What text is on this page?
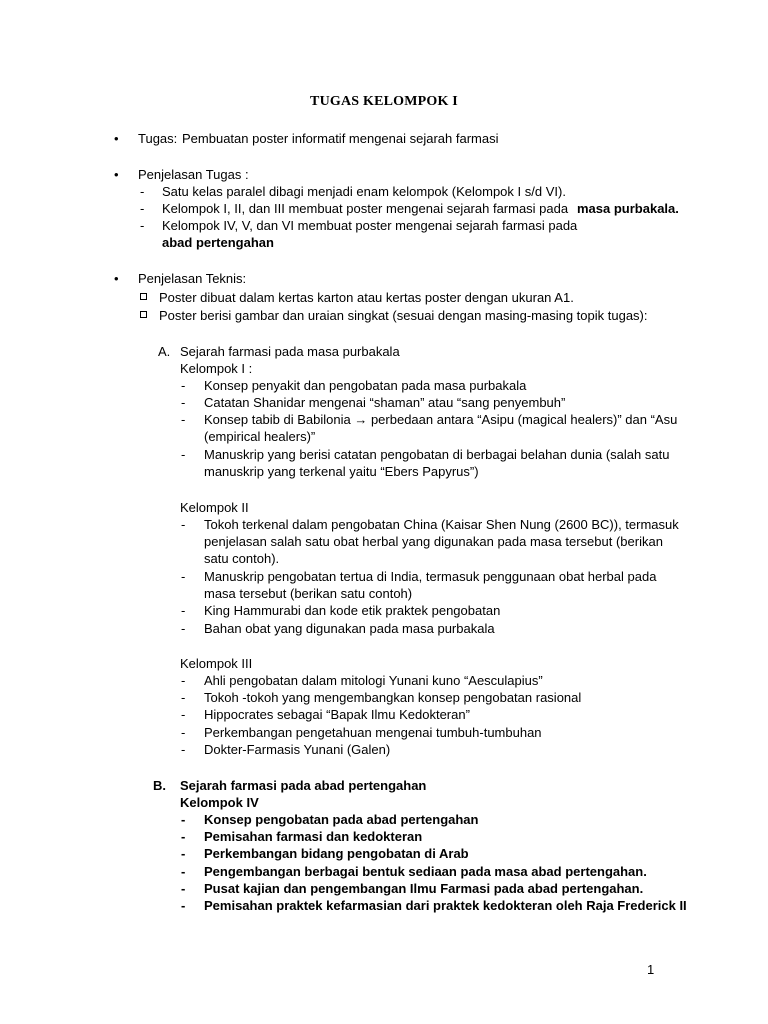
TUGAS KELOMPOK I
•	Tugas: Pembuatan poster informatif mengenai sejarah farmasi
•	Penjelasan Tugas :
-	Satu kelas paralel dibagi menjadi enam kelompok (Kelompok I s/d VI).
-	Kelompok I, II, dan III membuat poster mengenai sejarah farmasi pada masa purbakala.
-	Kelompok IV, V, dan VI membuat poster mengenai sejarah farmasi pada
abad pertengahan
•	Penjelasan Teknis:
Poster dibuat dalam kertas karton atau kertas poster dengan ukuran A1.
Poster berisi gambar dan uraian singkat (sesuai dengan masing-masing topik tugas):
A. Sejarah farmasi pada masa purbakala
Kelompok I :
-	Konsep penyakit dan pengobatan pada masa purbakala
-	Catatan Shanidar mengenai “shaman” atau “sang penyembuh”
-	Konsep tabib di Babilonia → perbedaan antara “Asipu (magical healers)” dan “Asu
(empirical healers)”
-	Manuskrip yang berisi catatan pengobatan di berbagai belahan dunia (salah satu
manuskrip yang terkenal yaitu “Ebers Papyrus”)
Kelompok II
-	Tokoh terkenal dalam pengobatan China (Kaisar Shen Nung (2600 BC)), termasuk
penjelasan salah satu obat herbal yang digunakan pada masa tersebut (berikan
satu contoh).
-	Manuskrip pengobatan tertua di India, termasuk penggunaan obat herbal pada
masa tersebut (berikan satu contoh)
-	King Hammurabi dan kode etik praktek pengobatan
-	Bahan obat yang digunakan pada masa purbakala
Kelompok III
-	Ahli pengobatan dalam mitologi Yunani kuno “Aesculapius”
-	Tokoh -tokoh yang mengembangkan konsep pengobatan rasional
-	Hippocrates sebagai “Bapak Ilmu Kedokteran”
-	Perkembangan pengetahuan mengenai tumbuh-tumbuhan
-	Dokter-Farmasis Yunani (Galen)
B. Sejarah farmasi pada abad pertengahan
Kelompok IV
-	Konsep pengobatan pada abad pertengahan
-	Pemisahan farmasi dan kedokteran
-	Perkembangan bidang pengobatan di Arab
-	Pengembangan berbagai bentuk sediaan pada masa abad pertengahan.
-	Pusat kajian dan pengembangan Ilmu Farmasi pada abad pertengahan.
-	Pemisahan praktek kefarmasian dari praktek kedokteran oleh Raja Frederick II
1
